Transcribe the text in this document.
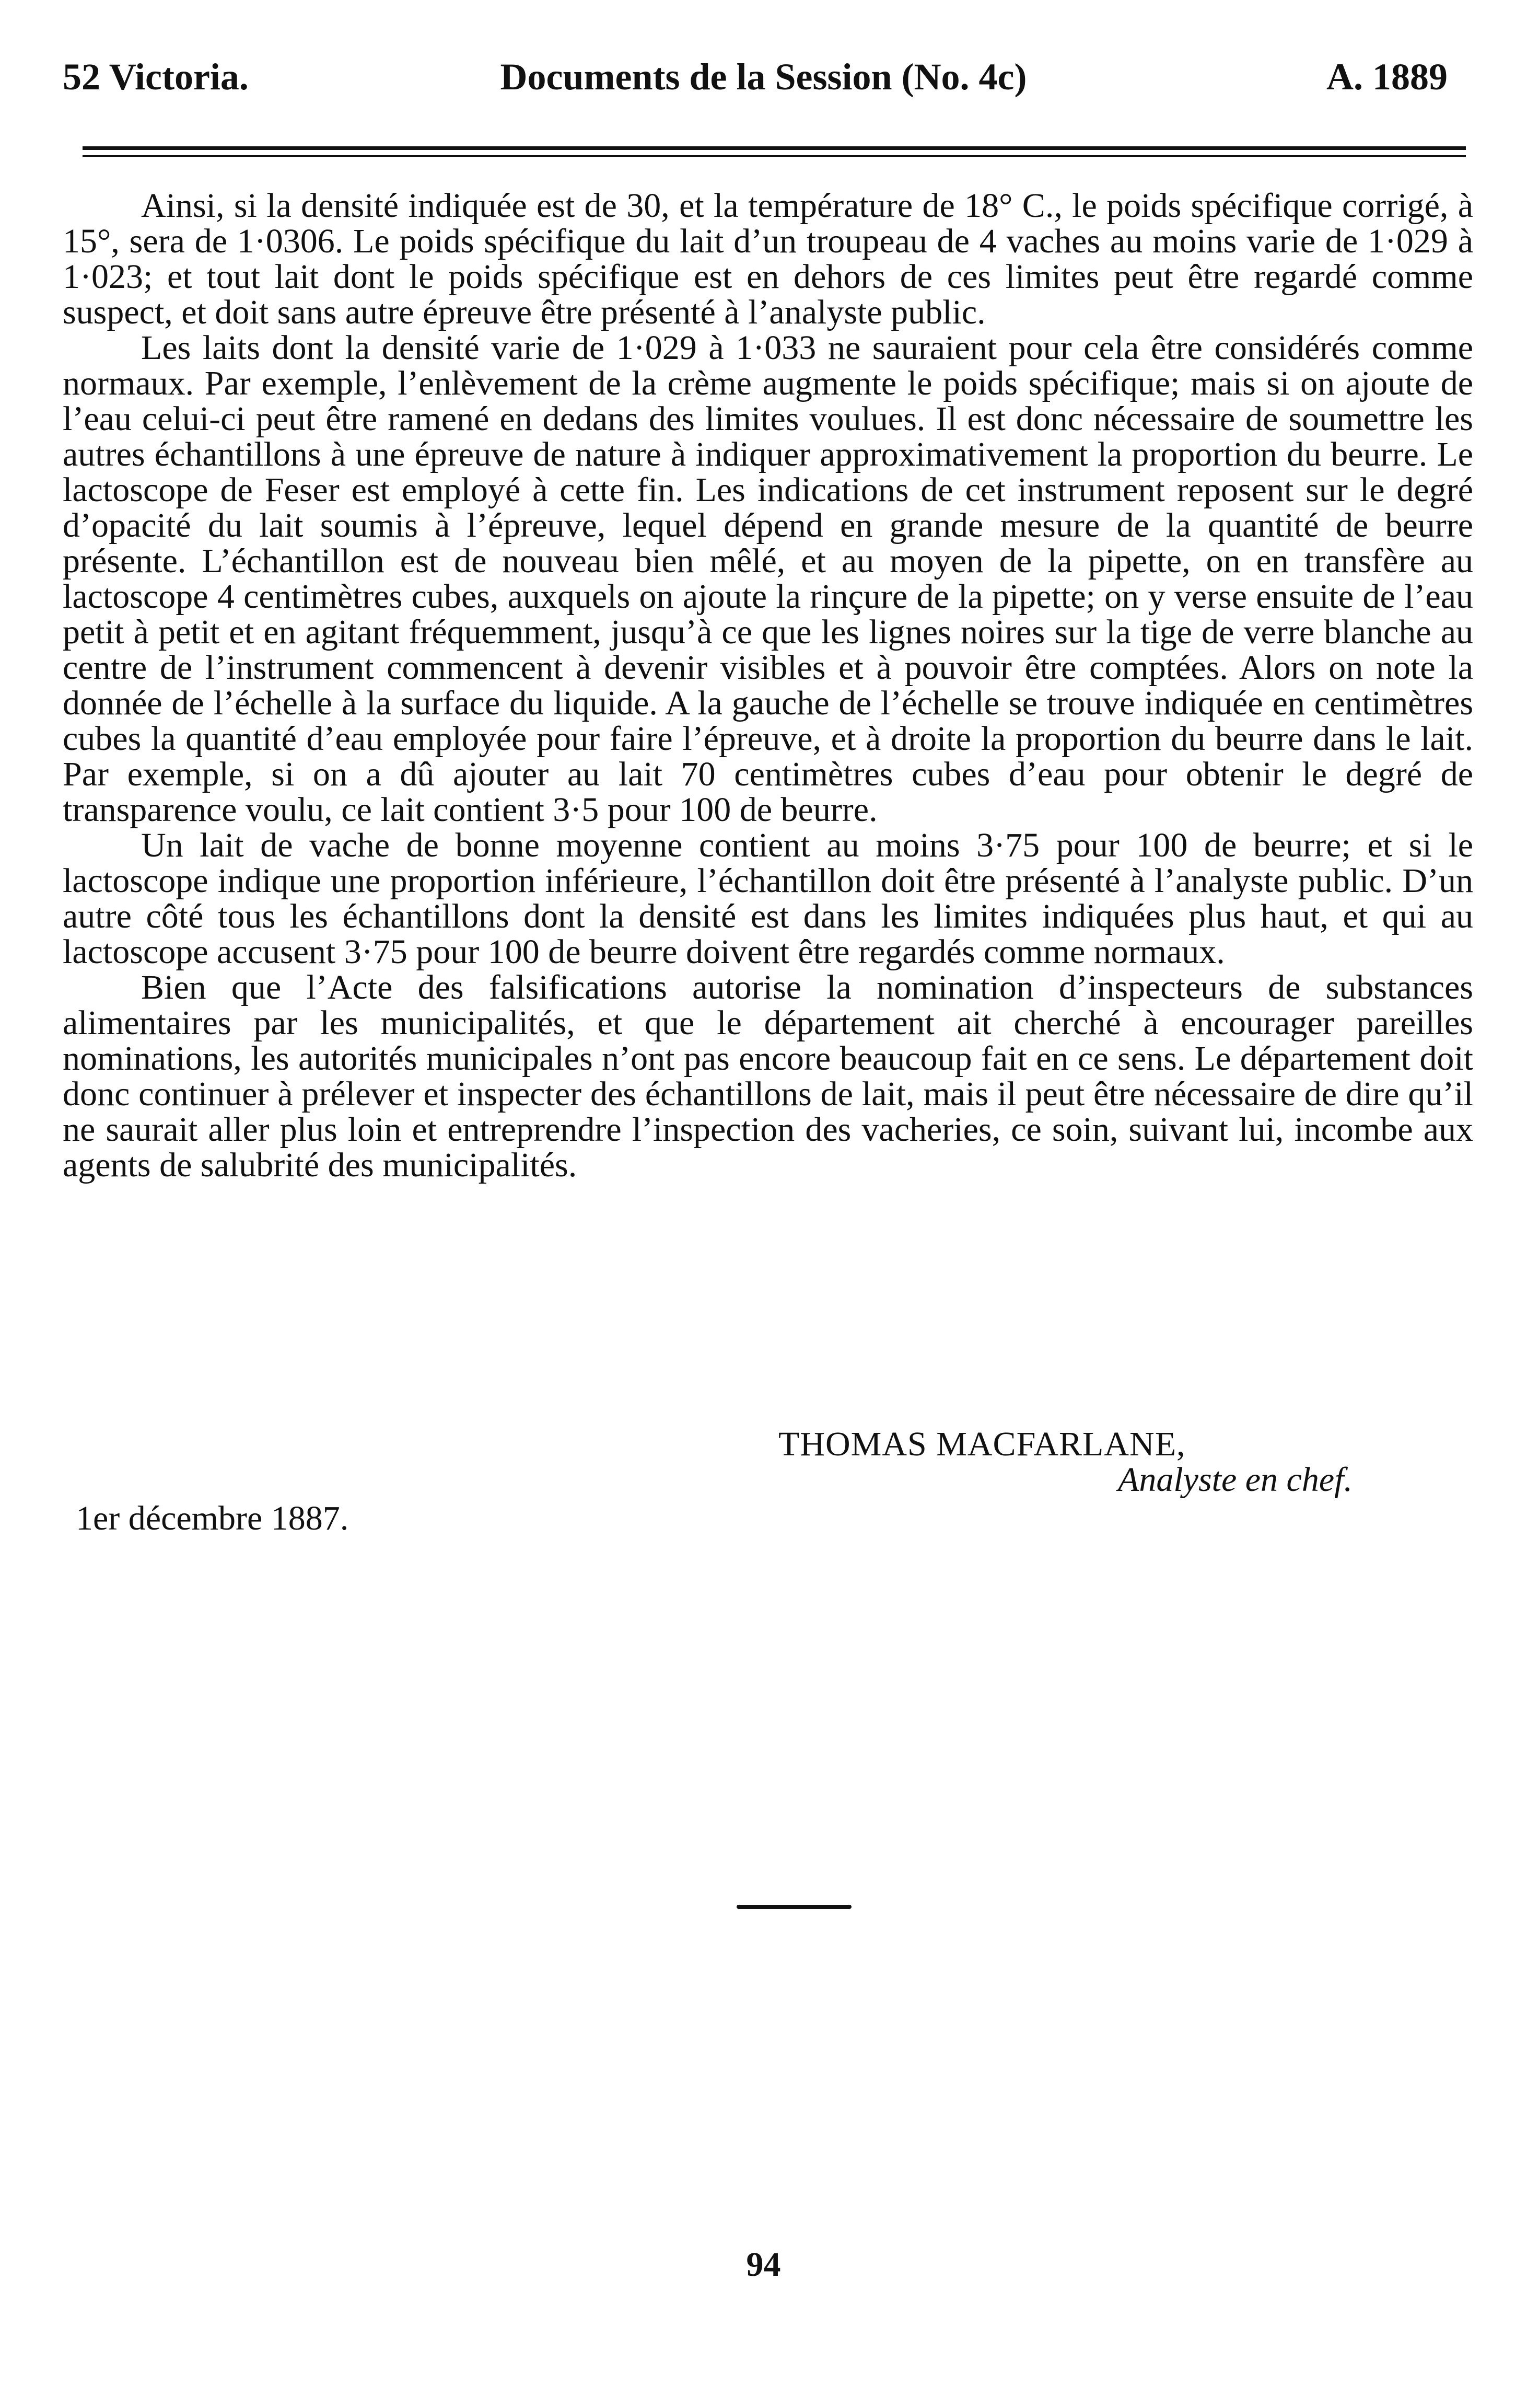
52 Victoria.	Documents de la Session (No. 4c)	A. 1889

Ainsi, si la densité indiquée est de 30, et la température de 18° C., le poids spécifique corrigé, à 15°, sera de 1·0306. Le poids spécifique du lait d’un troupeau de 4 vaches au moins varie de 1·029 à 1·023; et tout lait dont le poids spécifique est en dehors de ces limites peut être regardé comme suspect, et doit sans autre épreuve être présenté à l’analyste public.

Les laits dont la densité varie de 1·029 à 1·033 ne sauraient pour cela être considérés comme normaux. Par exemple, l’enlèvement de la crème augmente le poids spécifique; mais si on ajoute de l’eau celui-ci peut être ramené en dedans des limites voulues. Il est donc nécessaire de soumettre les autres échantillons à une épreuve de nature à indiquer approximativement la proportion du beurre. Le lactoscope de Feser est employé à cette fin. Les indications de cet instrument reposent sur le degré d’opacité du lait soumis à l’épreuve, lequel dépend en grande mesure de la quantité de beurre présente. L’échantillon est de nouveau bien mêlé, et au moyen de la pipette, on en transfère au lactoscope 4 centimètres cubes, auxquels on ajoute la rinçure de la pipette; on y verse ensuite de l’eau petit à petit et en agitant fréquemment, jusqu’à ce que les lignes noires sur la tige de verre blanche au centre de l’instrument commencent à devenir visibles et à pouvoir être comptées. Alors on note la donnée de l’échelle à la surface du liquide. A la gauche de l’échelle se trouve indiquée en centimètres cubes la quantité d’eau employée pour faire l’épreuve, et à droite la proportion du beurre dans le lait. Par exemple, si on a dû ajouter au lait 70 centimètres cubes d’eau pour obtenir le degré de transparence voulu, ce lait contient 3·5 pour 100 de beurre.

Un lait de vache de bonne moyenne contient au moins 3·75 pour 100 de beurre; et si le lactoscope indique une proportion inférieure, l’échantillon doit être présenté à l’analyste public. D’un autre côté tous les échantillons dont la densité est dans les limites indiquées plus haut, et qui au lactoscope accusent 3·75 pour 100 de beurre doivent être regardés comme normaux.

Bien que l’Acte des falsifications autorise la nomination d’inspecteurs de substances alimentaires par les municipalités, et que le département ait cherché à encourager pareilles nominations, les autorités municipales n’ont pas encore beaucoup fait en ce sens. Le département doit donc continuer à prélever et inspecter des échantillons de lait, mais il peut être nécessaire de dire qu’il ne saurait aller plus loin et entreprendre l’inspection des vacheries, ce soin, suivant lui, incombe aux agents de salubrité des municipalités.

THOMAS MACFARLANE,
Analyste en chef.
1er décembre 1887.
94
